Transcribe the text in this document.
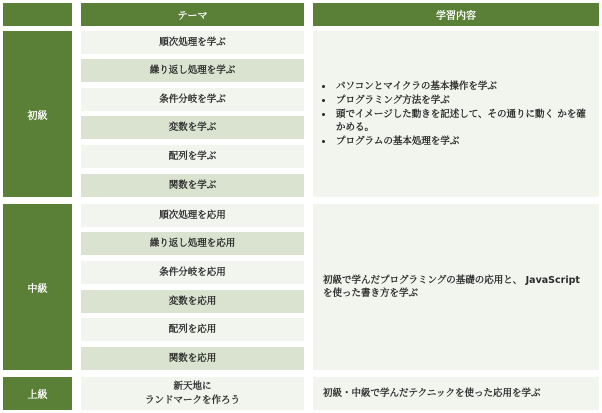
テーマ	学習内容
初級
順次処理を学ぶ
繰り返し処理を学ぶ
条件分岐を学ぶ
変数を学ぶ
配列を学ぶ
関数を学ぶ
• パソコンとマイクラの基本操作を学ぶ
• プログラミング方法を学ぶ
• 頭でイメージした動きを記述して、その通りに動く かを確かめる。
• プログラムの基本処理を学ぶ
中級
順次処理を応用
繰り返し処理を応用
条件分岐を応用
変数を応用
配列を応用
関数を応用
初級で学んだプログラミングの基礎の応用と、 JavaScriptを使った書き方を学ぶ
上級
新天地に
ランドマークを作ろう
初級・中級で学んだテクニックを使った応用を学ぶ
